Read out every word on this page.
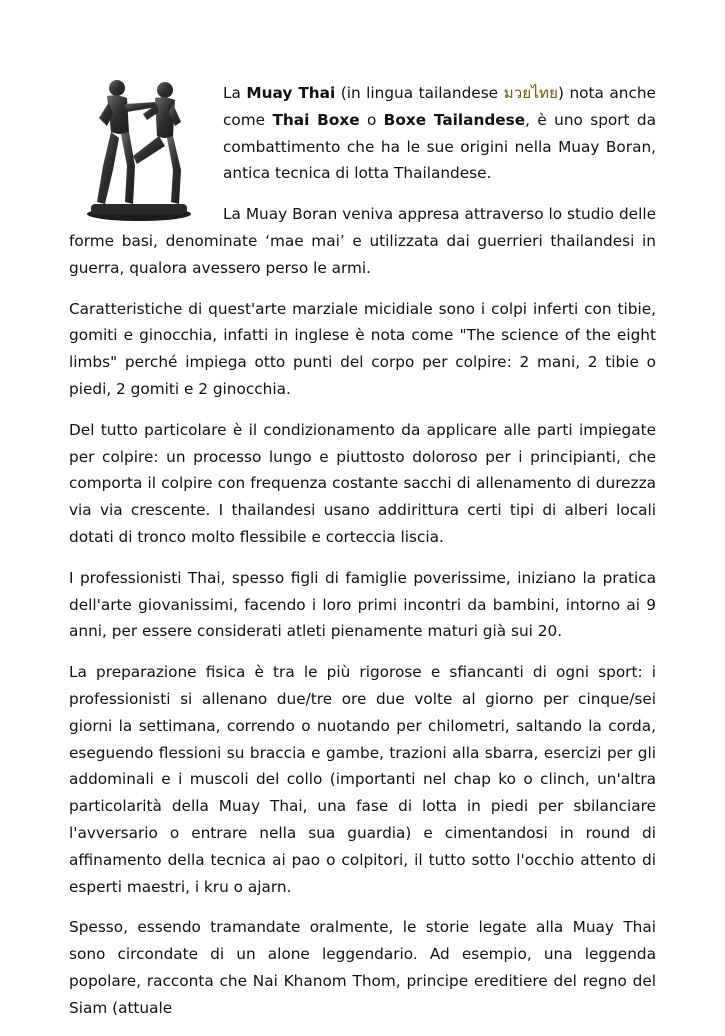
La Muay Thai (in lingua tailandese มวยไทย) nota anche come Thai Boxe o Boxe Tailandese, è uno sport da combattimento che ha le sue origini nella Muay Boran, antica tecnica di lotta Thailandese.

La Muay Boran veniva appresa attraverso lo studio delle forme basi, denominate ‘mae mai’ e utilizzata dai guerrieri thailandesi in guerra, qualora avessero perso le armi.

Caratteristiche di quest'arte marziale micidiale sono i colpi inferti con tibie, gomiti e ginocchia, infatti in inglese è nota come "The science of the eight limbs" perché impiega otto punti del corpo per colpire: 2 mani, 2 tibie o piedi, 2 gomiti e 2 ginocchia.

Del tutto particolare è il condizionamento da applicare alle parti impiegate per colpire: un processo lungo e piuttosto doloroso per i principianti, che comporta il colpire con frequenza costante sacchi di allenamento di durezza via via crescente. I thailandesi usano addirittura certi tipi di alberi locali dotati di tronco molto flessibile e corteccia liscia.

I professionisti Thai, spesso figli di famiglie poverissime, iniziano la pratica dell'arte giovanissimi, facendo i loro primi incontri da bambini, intorno ai 9 anni, per essere considerati atleti pienamente maturi già sui 20.

La preparazione fisica è tra le più rigorose e sfiancanti di ogni sport: i professionisti si allenano due/tre ore due volte al giorno per cinque/sei giorni la settimana, correndo o nuotando per chilometri, saltando la corda, eseguendo flessioni su braccia e gambe, trazioni alla sbarra, esercizi per gli addominali e i muscoli del collo (importanti nel chap ko o clinch, un'altra particolarità della Muay Thai, una fase di lotta in piedi per sbilanciare l'avversario o entrare nella sua guardia) e cimentandosi in round di affinamento della tecnica ai pao o colpitori, il tutto sotto l'occhio attento di esperti maestri, i kru o ajarn.

Spesso, essendo tramandate oralmente, le storie legate alla Muay Thai sono circondate di un alone leggendario. Ad esempio, una leggenda popolare, racconta che Nai Khanom Thom, principe ereditiere del regno del Siam (attuale
